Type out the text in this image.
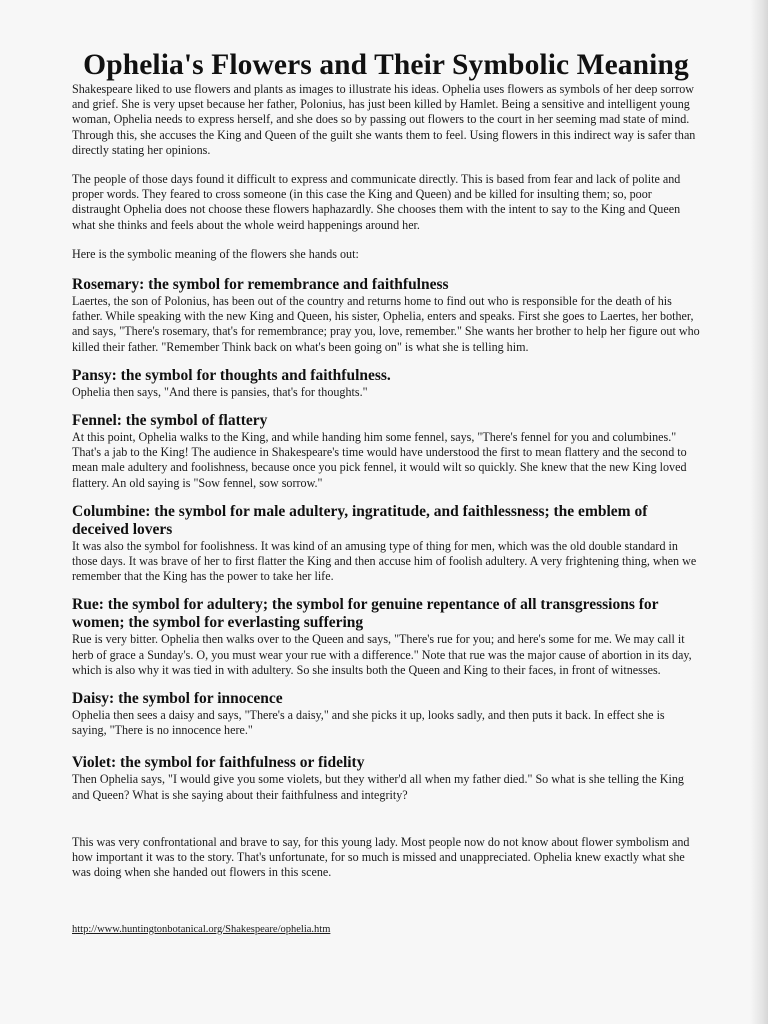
Ophelia's Flowers and Their Symbolic Meaning

Shakespeare liked to use flowers and plants as images to illustrate his ideas. Ophelia uses flowers as symbols of her deep sorrow and grief. She is very upset because her father, Polonius, has just been killed by Hamlet. Being a sensitive and intelligent young woman, Ophelia needs to express herself, and she does so by passing out flowers to the court in her seeming mad state of mind. Through this, she accuses the King and Queen of the guilt she wants them to feel. Using flowers in this indirect way is safer than directly stating her opinions.

The people of those days found it difficult to express and communicate directly. This is based from fear and lack of polite and proper words. They feared to cross someone (in this case the King and Queen) and be killed for insulting them; so, poor distraught Ophelia does not choose these flowers haphazardly. She chooses them with the intent to say to the King and Queen what she thinks and feels about the whole weird happenings around her.

Here is the symbolic meaning of the flowers she hands out:

Rosemary: the symbol for remembrance and faithfulness

Laertes, the son of Polonius, has been out of the country and returns home to find out who is responsible for the death of his father. While speaking with the new King and Queen, his sister, Ophelia, enters and speaks. First she goes to Laertes, her bother, and says, "There's rosemary, that's for remembrance; pray you, love, remember." She wants her brother to help her figure out who killed their father. "Remember Think back on what's been going on" is what she is telling him.

Pansy: the symbol for thoughts and faithfulness.

Ophelia then says, "And there is pansies, that's for thoughts."

Fennel: the symbol of flattery

At this point, Ophelia walks to the King, and while handing him some fennel, says, "There's fennel for you and columbines." That's a jab to the King! The audience in Shakespeare's time would have understood the first to mean flattery and the second to mean male adultery and foolishness, because once you pick fennel, it would wilt so quickly. She knew that the new King loved flattery. An old saying is "Sow fennel, sow sorrow."

Columbine: the symbol for male adultery, ingratitude, and faithlessness; the emblem of deceived lovers

It was also the symbol for foolishness. It was kind of an amusing type of thing for men, which was the old double standard in those days. It was brave of her to first flatter the King and then accuse him of foolish adultery. A very frightening thing, when we remember that the King has the power to take her life.

Rue: the symbol for adultery; the symbol for genuine repentance of all transgressions for women; the symbol for everlasting suffering

Rue is very bitter. Ophelia then walks over to the Queen and says, "There's rue for you; and here's some for me. We may call it herb of grace a Sunday's. O, you must wear your rue with a difference." Note that rue was the major cause of abortion in its day, which is also why it was tied in with adultery. So she insults both the Queen and King to their faces, in front of witnesses.

Daisy: the symbol for innocence

Ophelia then sees a daisy and says, "There's a daisy," and she picks it up, looks sadly, and then puts it back. In effect she is saying, "There is no innocence here."

Violet: the symbol for faithfulness or fidelity

Then Ophelia says, "I would give you some violets, but they wither'd all when my father died." So what is she telling the King and Queen? What is she saying about their faithfulness and integrity?

This was very confrontational and brave to say, for this young lady. Most people now do not know about flower symbolism and how important it was to the story. That's unfortunate, for so much is missed and unappreciated. Ophelia knew exactly what she was doing when she handed out flowers in this scene.

http://www.huntingtonbotanical.org/Shakespeare/ophelia.htm
